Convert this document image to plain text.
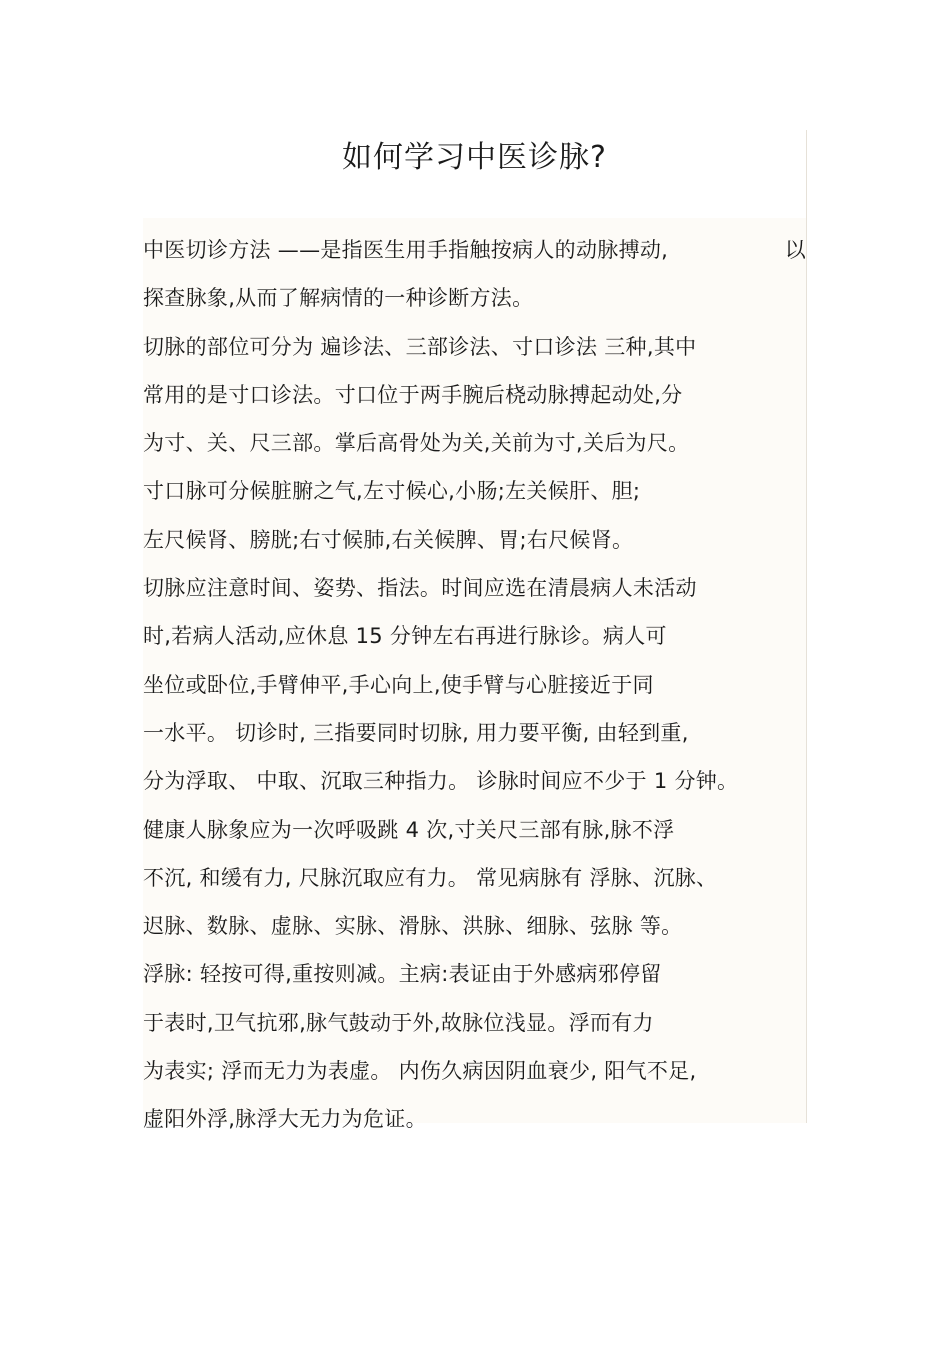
如何学习中医诊脉?
中医切诊方法 ——是指医生用手指触按病人的动脉搏动,	以
探查脉象,从而了解病情的一种诊断方法。
切脉的部位可分为 遍诊法、三部诊法、寸口诊法 三种,其中
常用的是寸口诊法。寸口位于两手腕后桡动脉搏起动处,分
为寸、关、尺三部。掌后高骨处为关,关前为寸,关后为尺。
寸口脉可分候脏腑之气,左寸候心,小肠;左关候肝、胆;
左尺候肾、膀胱;右寸候肺,右关候脾、胃;右尺候肾。
切脉应注意时间、姿势、指法。时间应选在清晨病人未活动
时,若病人活动,应休息 15 分钟左右再进行脉诊。病人可
坐位或卧位,手臂伸平,手心向上,使手臂与心脏接近于同
一水平。 切诊时, 三指要同时切脉, 用力要平衡, 由轻到重,
分为浮取、 中取、沉取三种指力。 诊脉时间应不少于 1 分钟。
健康人脉象应为一次呼吸跳 4 次,寸关尺三部有脉,脉不浮
不沉, 和缓有力, 尺脉沉取应有力。 常见病脉有 浮脉、沉脉、
迟脉、数脉、虚脉、实脉、滑脉、洪脉、细脉、弦脉 等。
浮脉: 轻按可得,重按则减。主病:表证由于外感病邪停留
于表时,卫气抗邪,脉气鼓动于外,故脉位浅显。浮而有力
为表实; 浮而无力为表虚。 内伤久病因阴血衰少, 阳气不足,
虚阳外浮,脉浮大无力为危证。
